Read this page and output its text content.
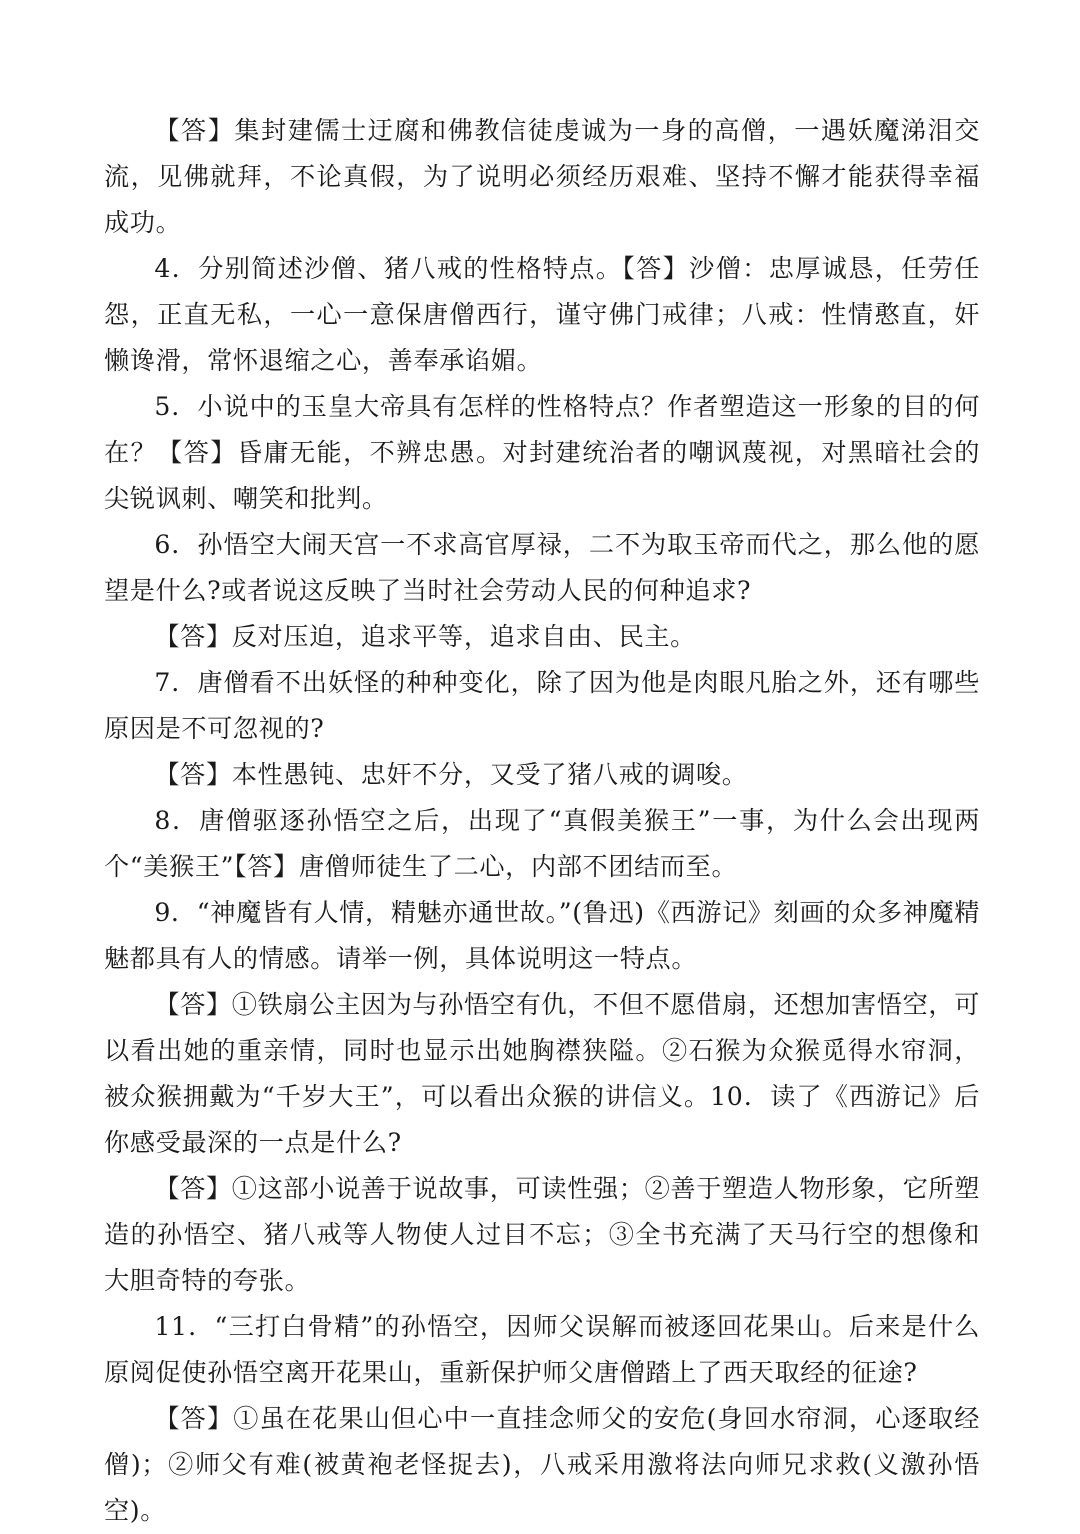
【答】集封建儒士迂腐和佛教信徒虔诚为一身的高僧，一遇妖魔涕泪交流，见佛就拜，不论真假，为了说明必须经历艰难、坚持不懈才能获得幸福成功。

4．分别简述沙僧、猪八戒的性格特点。【答】沙僧：忠厚诚恳，任劳任怨，正直无私，一心一意保唐僧西行，谨守佛门戒律；八戒：性情憨直，奸懒谗滑，常怀退缩之心，善奉承谄媚。

5．小说中的玉皇大帝具有怎样的性格特点？作者塑造这一形象的目的何在？【答】昏庸无能，不辨忠愚。对封建统治者的嘲讽蔑视，对黑暗社会的尖锐讽刺、嘲笑和批判。

6．孙悟空大闹天宫一不求高官厚禄，二不为取玉帝而代之，那么他的愿望是什么?或者说这反映了当时社会劳动人民的何种追求?

【答】反对压迫，追求平等，追求自由、民主。

7．唐僧看不出妖怪的种种变化，除了因为他是肉眼凡胎之外，还有哪些原因是不可忽视的?

【答】本性愚钝、忠奸不分，又受了猪八戒的调唆。

8．唐僧驱逐孙悟空之后，出现了“真假美猴王”一事，为什么会出现两个“美猴王”【答】唐僧师徒生了二心，内部不团结而至。

9．“神魔皆有人情，精魅亦通世故。”(鲁迅)《西游记》刻画的众多神魔精魅都具有人的情感。请举一例，具体说明这一特点。

【答】①铁扇公主因为与孙悟空有仇，不但不愿借扇，还想加害悟空，可以看出她的重亲情，同时也显示出她胸襟狭隘。②石猴为众猴觅得水帘洞，被众猴拥戴为“千岁大王”，可以看出众猴的讲信义。10．读了《西游记》后你感受最深的一点是什么?

【答】①这部小说善于说故事，可读性强；②善于塑造人物形象，它所塑造的孙悟空、猪八戒等人物使人过目不忘；③全书充满了天马行空的想像和大胆奇特的夸张。

11．“三打白骨精”的孙悟空，因师父误解而被逐回花果山。后来是什么原阅促使孙悟空离开花果山，重新保护师父唐僧踏上了西天取经的征途?

【答】①虽在花果山但心中一直挂念师父的安危(身回水帘洞，心逐取经僧)；②师父有难(被黄袍老怪捉去)，八戒采用激将法向师兄求救(义激孙悟空)。
